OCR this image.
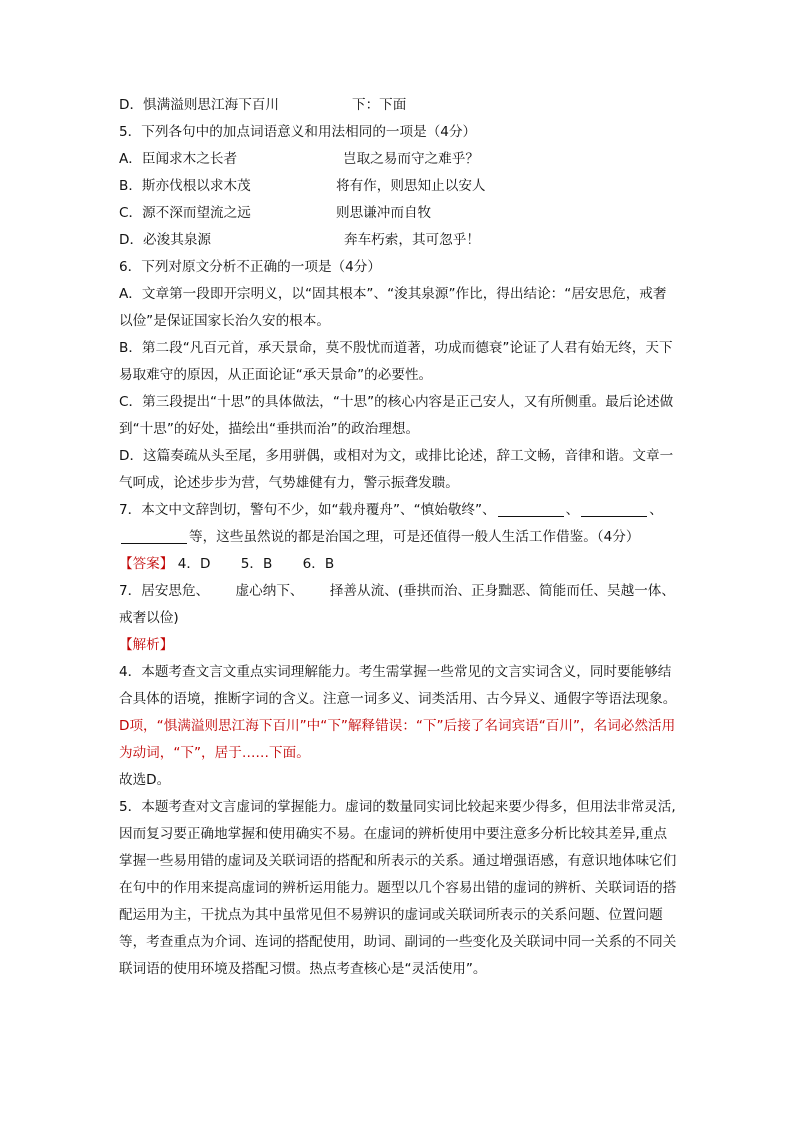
D．惧满溢则思江海下百川	下：下面
5．下列各句中的加点词语意义和用法相同的一项是（4分）
A．臣闻求木之长者	岂取之易而守之难乎？
B．斯亦伐根以求木茂	将有作，则思知止以安人
C．源不深而望流之远	则思谦冲而自牧
D．必浚其泉源	奔车朽索，其可忽乎！
6．下列对原文分析不正确的一项是（4分）
A．文章第一段即开宗明义，以“固其根本”、“浚其泉源”作比，得出结论：“居安思危，戒奢以俭”是保证国家长治久安的根本。
B．第二段“凡百元首，承天景命，莫不殷忧而道著，功成而德衰”论证了人君有始无终，天下易取难守的原因，从正面论证“承天景命”的必要性。
C．第三段提出“十思”的具体做法，“十思”的核心内容是正己安人，又有所侧重。最后论述做到“十思”的好处，描绘出“垂拱而治”的政治理想。
D．这篇奏疏从头至尾，多用骈偶，或相对为文，或排比论述，辞工文畅，音律和谐。文章一气呵成，论述步步为营，气势雄健有力，警示振聋发聩。
7．本文中文辞剀切，警句不少，如“载舟覆舟”、“慎始敬终”、	、	、
等，这些虽然说的都是治国之理，可是还值得一般人生活工作借鉴。（4分）
【答案】 4．D 5．B 6．B
7．居安思危、 虚心纳下、 择善从流、(垂拱而治、正身黜恶、简能而任、吴越一体、戒奢以俭)
【解析】
4．本题考查文言文重点实词理解能力。考生需掌握一些常见的文言实词含义，同时要能够结合具体的语境，推断字词的含义。注意一词多义、词类活用、古今异义、通假字等语法现象。
D项，“惧满溢则思江海下百川”中“下”解释错误：“下”后接了名词宾语“百川”，名词必然活用为动词，“下”，居于……下面。
故选D。
5．本题考查对文言虚词的掌握能力。虚词的数量同实词比较起来要少得多，但用法非常灵活,因而复习要正确地掌握和使用确实不易。在虚词的辨析使用中要注意多分析比较其差异,重点掌握一些易用错的虚词及关联词语的搭配和所表示的关系。通过增强语感，有意识地体味它们在句中的作用来提高虚词的辨析运用能力。题型以几个容易出错的虚词的辨析、关联词语的搭配运用为主，干扰点为其中虽常见但不易辨识的虚词或关联词所表示的关系问题、位置问题等，考查重点为介词、连词的搭配使用，助词、副词的一些变化及关联词中同一关系的不同关联词语的使用环境及搭配习惯。热点考查核心是“灵活使用”。
